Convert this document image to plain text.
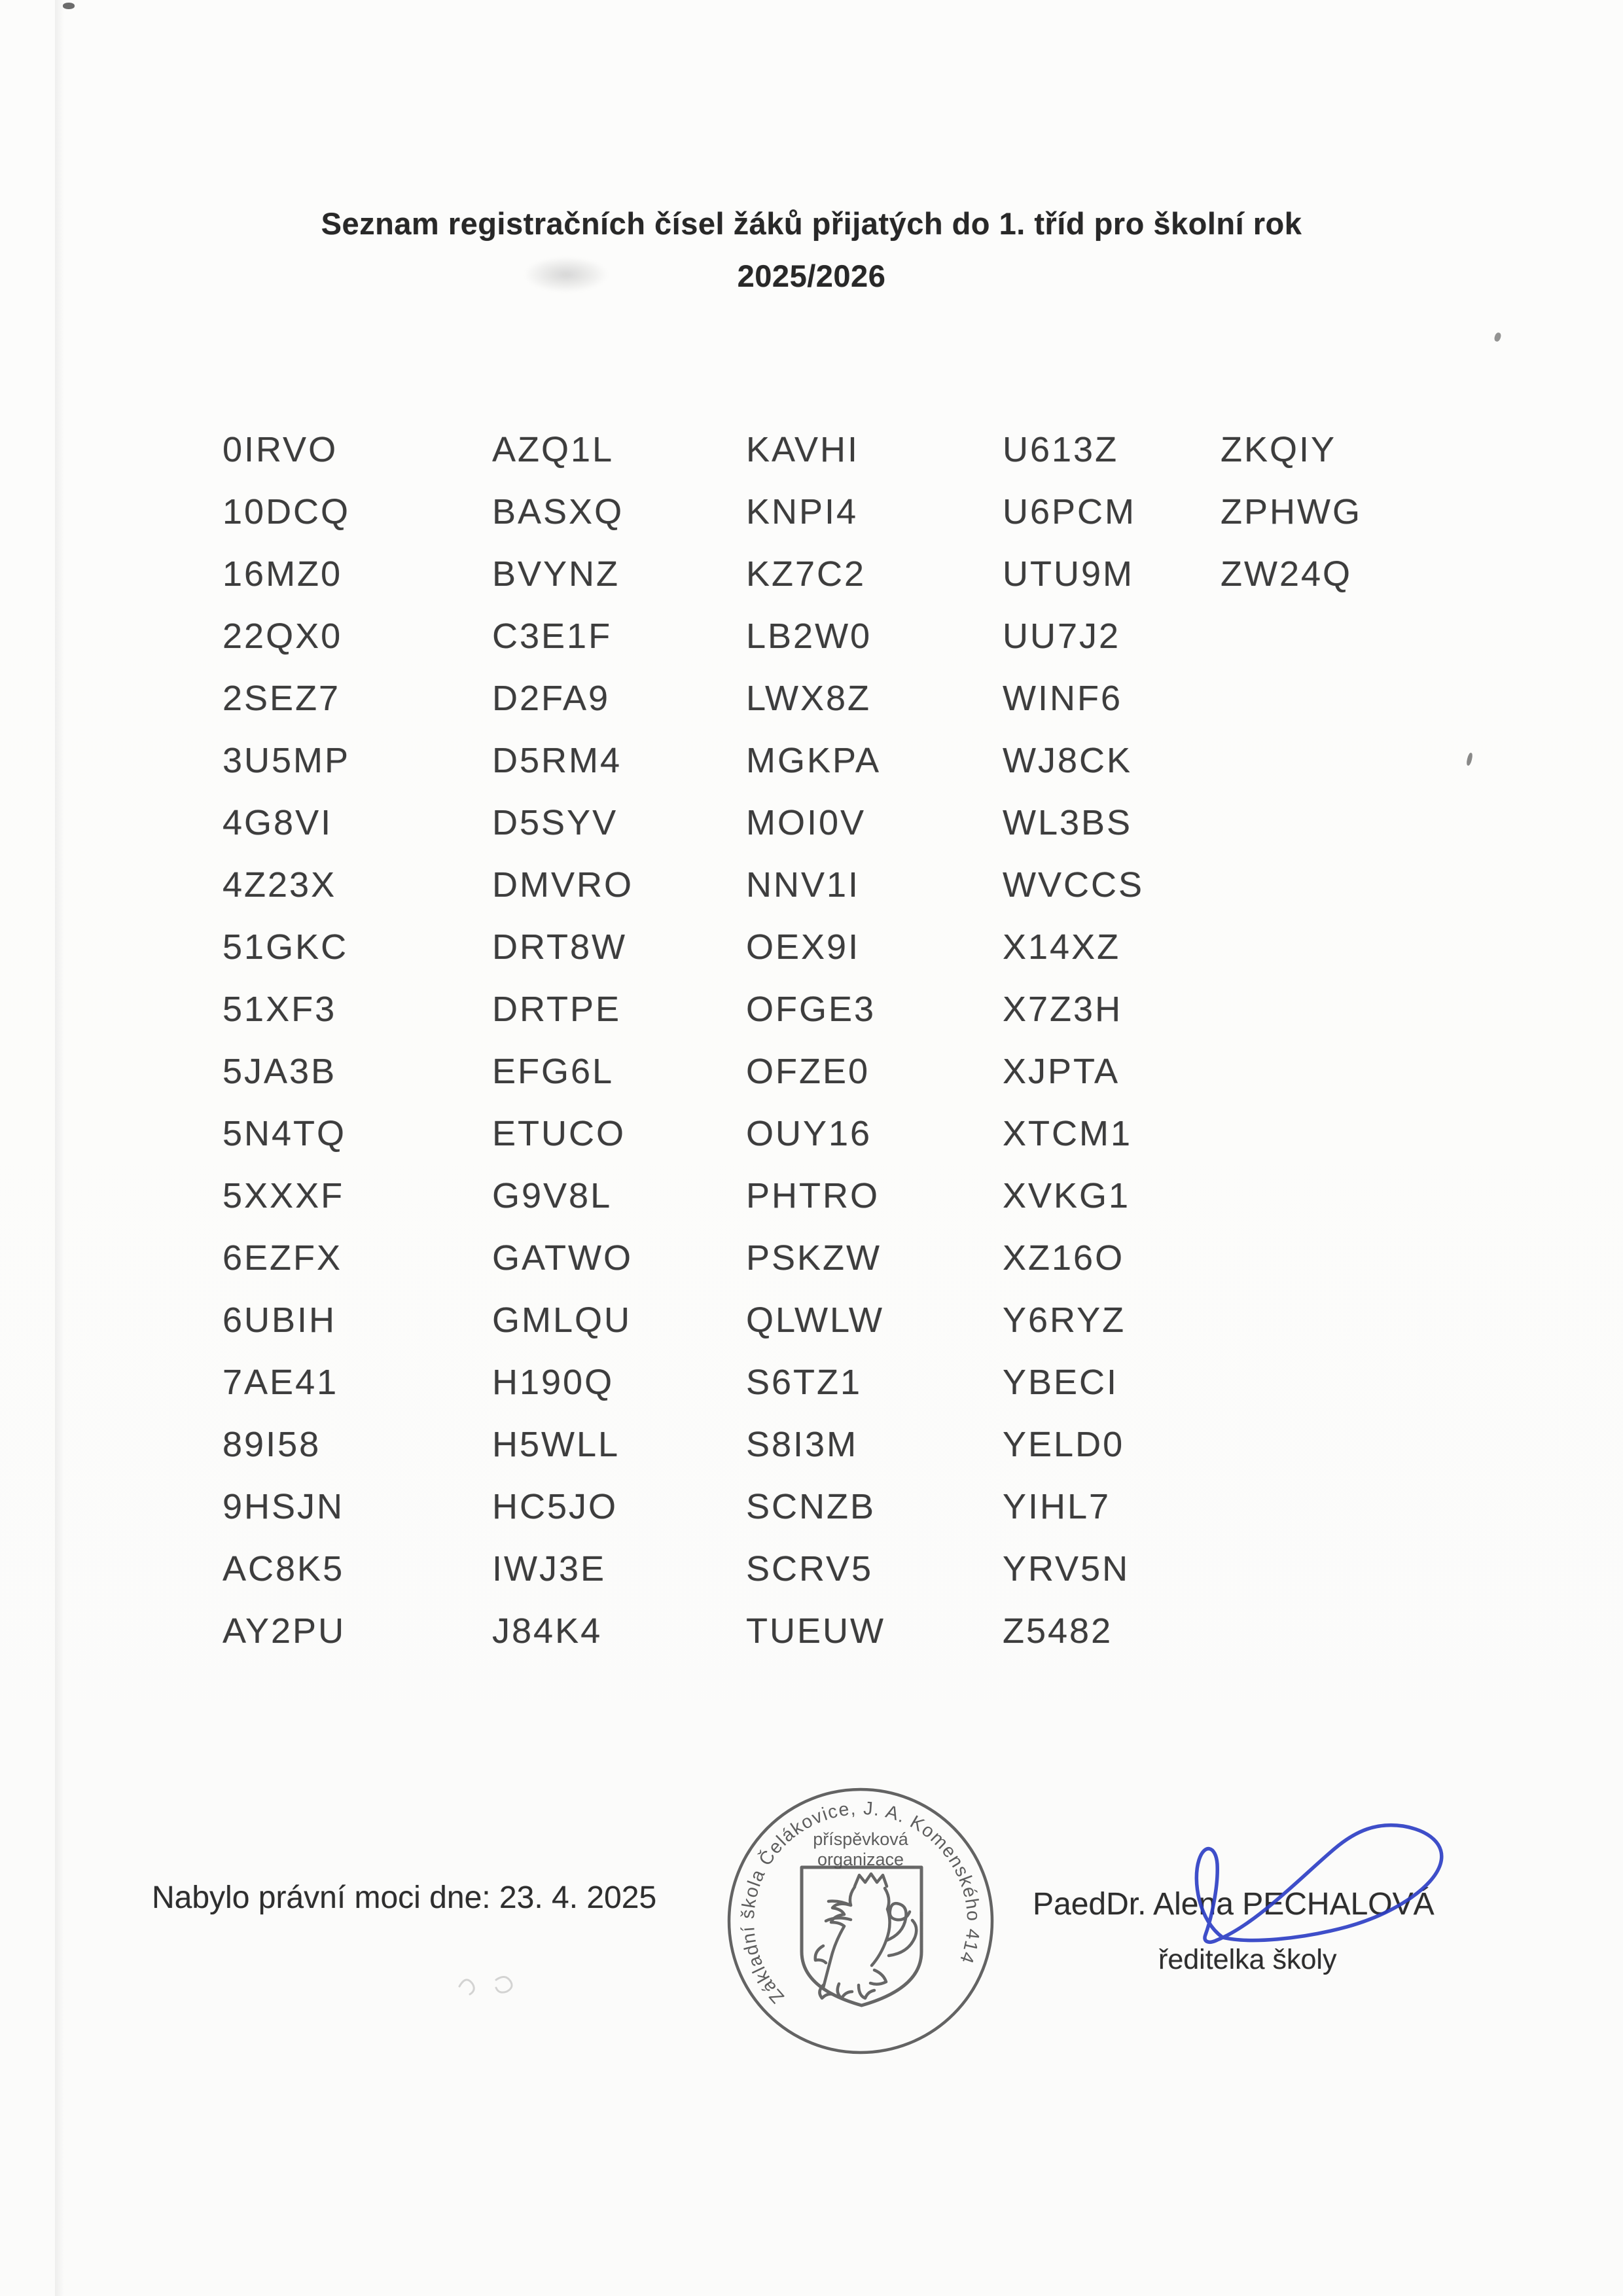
Seznam registračních čísel žáků přijatých do 1. tříd pro školní rok
2025/2026
0IRVO
10DCQ
16MZ0
22QX0
2SEZ7
3U5MP
4G8VI
4Z23X
51GKC
51XF3
5JA3B
5N4TQ
5XXXF
6EZFX
6UBIH
7AE41
89I58
9HSJN
AC8K5
AY2PU
AZQ1L
BASXQ
BVYNZ
C3E1F
D2FA9
D5RM4
D5SYV
DMVRO
DRT8W
DRTPE
EFG6L
ETUCO
G9V8L
GATWO
GMLQU
H190Q
H5WLL
HC5JO
IWJ3E
J84K4
KAVHI
KNPI4
KZ7C2
LB2W0
LWX8Z
MGKPA
MOI0V
NNV1I
OEX9I
OFGE3
OFZE0
OUY16
PHTRO
PSKZW
QLWLW
S6TZ1
S8I3M
SCNZB
SCRV5
TUEUW
U613Z
U6PCM
UTU9M
UU7J2
WINF6
WJ8CK
WL3BS
WVCCS
X14XZ
X7Z3H
XJPTA
XTCM1
XVKG1
XZ16O
Y6RYZ
YBECI
YELD0
YIHL7
YRV5N
Z5482
ZKQIY
ZPHWG
ZW24Q
Nabylo právní moci dne: 23. 4. 2025
Základní škola Čelákovice, J. A. Komenského 414
příspěvková
organizace
PaedDr. Alena PECHALOVÁ
ředitelka školy
